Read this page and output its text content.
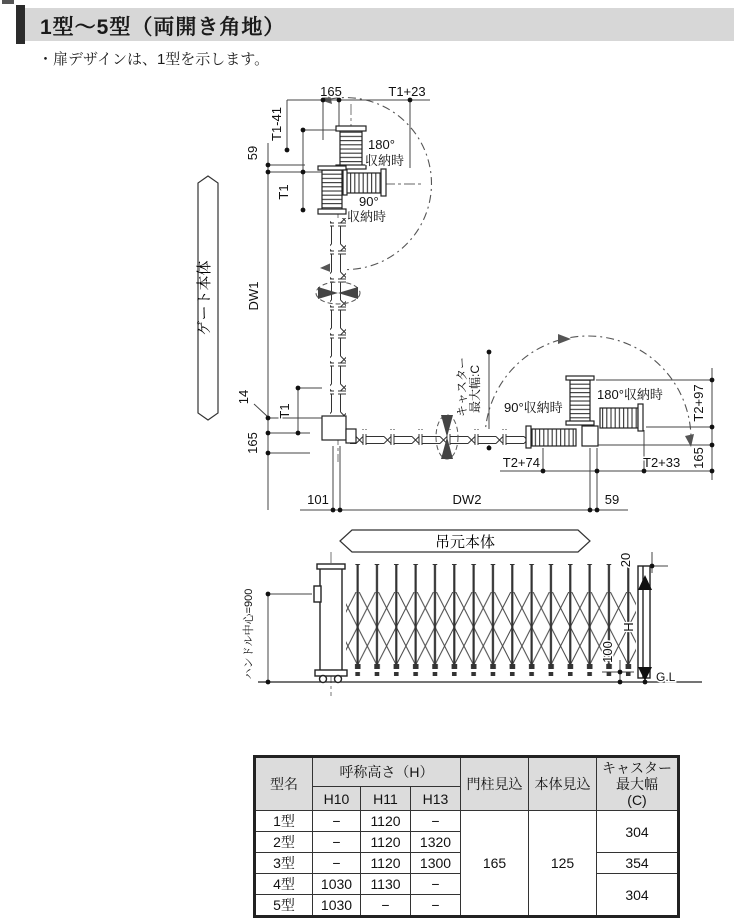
1型～5型（両開き角地）
・扉デザインは、1型を示します。
165	T1+23
T1-41
59
T1
DW1
T1
14
165
180°
収納時
90°
収納時
ゲート本体
キャスター 最大幅:C 90°収納時
180°収納時 T2+97
165
T2+74	T2+33
101	DW2	59
吊元本体
ハンドル中心=900
20
H
100
G.L
型名	呼称高さ（H）			門柱見込	本体見込	キャスター
最大幅
(C)

	H10	H11	H13			
1型	−	1120	−	165	125	304
2型	−	1120	1320			
3型	−	1120	1300			354
4型	1030	1130	−			304
5型	1030	−	−			
